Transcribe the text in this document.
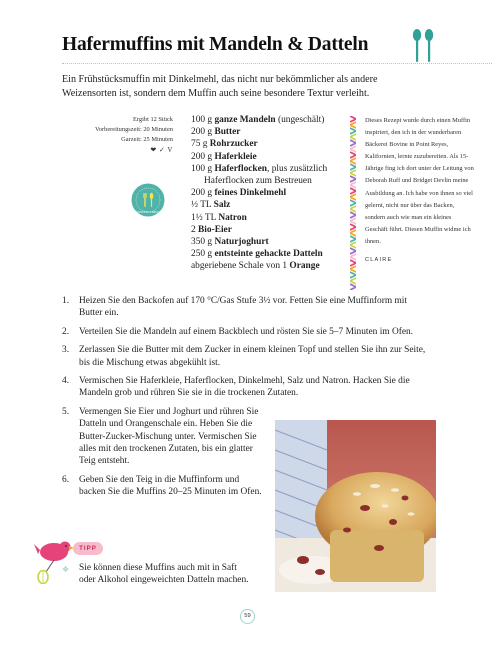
Hafermuffins mit Mandeln & Datteln

Ein Frühstücksmuffin mit Dinkelmehl, das nicht nur bekömmlicher als andere Weizensorten ist, sondern dem Muffin auch seine besondere Textur verleiht.

Ergibt 12 Stück
Vorbereitungszeit: 20 Minuten
Garzeit: 25 Minuten
❤ ✓ V
FRÜHSTÜCK & BRUNCH
100 g ganze Mandeln (ungeschält)
200 g Butter
75 g Rohrzucker
200 g Haferkleie
100 g Haferflocken, plus zusätzlich Haferflocken zum Bestreuen
200 g feines Dinkelmehl
½ TL Salz
1½ TL Natron
2 Bio-Eier
350 g Naturjoghurt
250 g entsteinte gehackte Datteln
abgeriebene Schale von 1 Orange
Dieses Rezept wurde durch einen Muffin inspiriert, den ich in der wunderbaren Bäckerei Bovine in Point Reyes, Kalifornien, lernte zuzubereiten. Als 15-Jährige fing ich dort unter der Leitung von Deborah Ruff und Bridget Devlin meine Ausbildung an. Ich habe von ihnen so viel gelernt, nicht nur über das Backen, sondern auch wie man ein kleines Geschäft führt. Diesen Muffin widme ich ihnen.
CLAIRE
1. Heizen Sie den Backofen auf 170 °C/Gas Stufe 3½ vor. Fetten Sie eine Muffinform mit Butter ein.
2. Verteilen Sie die Mandeln auf einem Backblech und rösten Sie sie 5–7 Minuten im Ofen.
3. Zerlassen Sie die Butter mit dem Zucker in einem kleinen Topf und stellen Sie ihn zur Seite, bis die Mischung etwas abgekühlt ist.
4. Vermischen Sie Haferkleie, Haferflocken, Dinkelmehl, Salz und Natron. Hacken Sie die Mandeln grob und rühren Sie sie in die trockenen Zutaten.
5. Vermengen Sie Eier und Joghurt und rühren Sie Datteln und Orangenschale ein. Heben Sie die Butter-Zucker-Mischung unter. Vermischen Sie alles mit den trockenen Zutaten, bis ein glatter Teig entsteht.
6. Geben Sie den Teig in die Muffinform und backen Sie die Muffins 20–25 Minuten im Ofen.
TIPP
❖ Sie können diese Muffins auch mit in Saft oder Alkohol eingeweichten Datteln machen.

59
